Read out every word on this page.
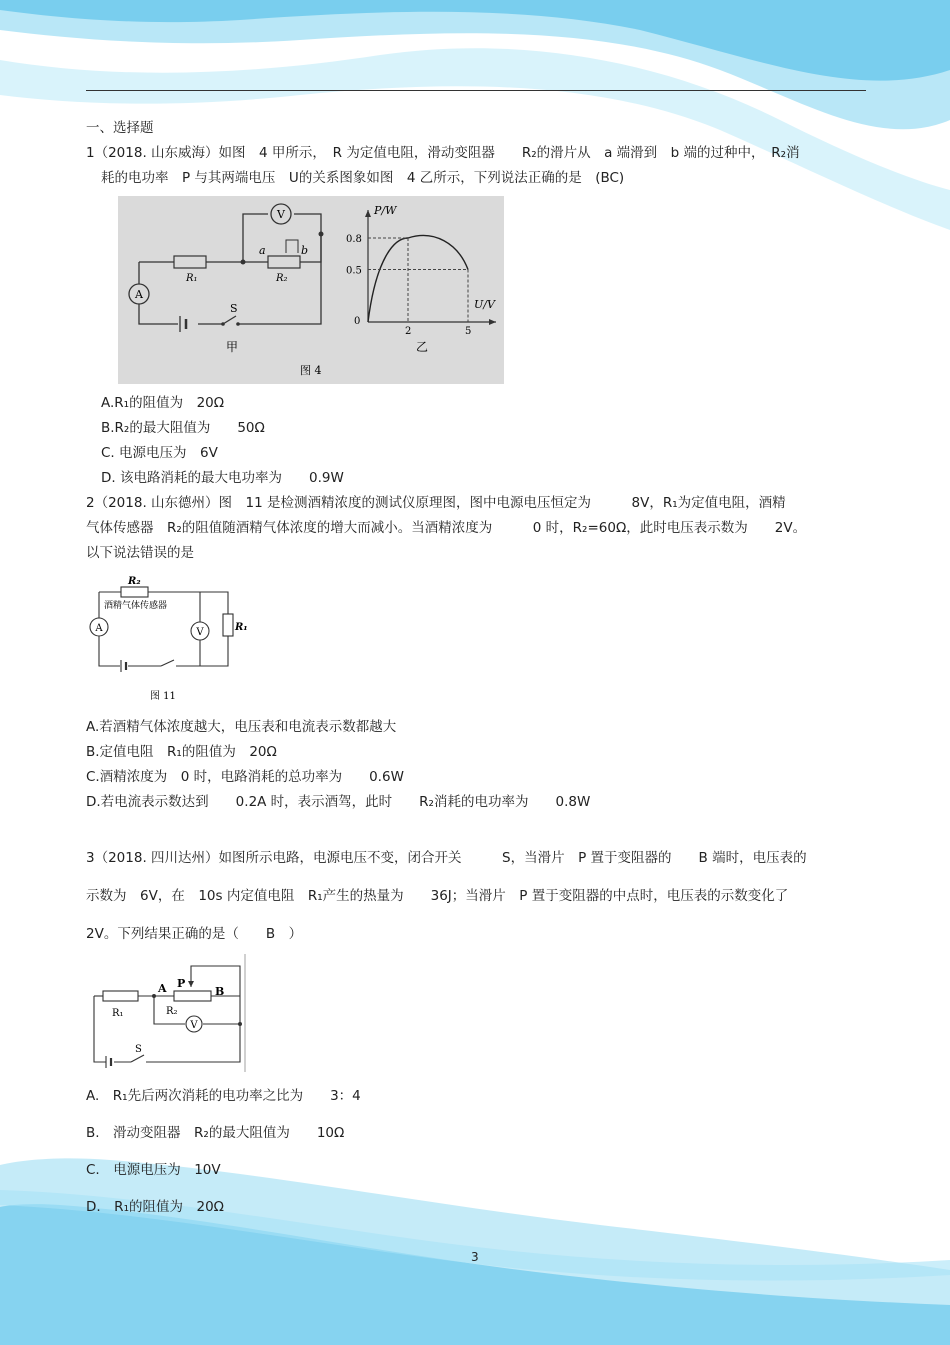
一、选择题
1（2018. 山东威海）如图　4 甲所示，　R 为定值电阻，滑动变阻器　　R₂的滑片从　a 端滑到　b 端的过种中，　R₂消
耗的电功率　P 与其两端电压　U的关系图象如图　4 乙所示，下列说法正确的是　(BC)
V
A
R₁	R₂
a	b
S
甲
图 4
P/W
U/V
0.8
0.5
0
2	5
乙
A.R₁的阻值为　20Ω
B.R₂的最大阻值为　　50Ω
C. 电源电压为　6V
D. 该电路消耗的最大电功率为　　0.9W
2（2018. 山东德州）图　11 是检测酒精浓度的测试仪原理图，图中电源电压恒定为　　　8V，R₁为定值电阻，酒精
气体传感器　R₂的阻值随酒精气体浓度的增大而减小。当酒精浓度为　　　0 时，R₂=60Ω，此时电压表示数为　　2V。
以下说法错误的是
R₂
酒精气体传感器
A	V	R₁
图 11
A.若酒精气体浓度越大，电压表和电流表示数都越大
B.定值电阻　R₁的阻值为　20Ω
C.酒精浓度为　0 时，电路消耗的总功率为　　0.6W
D.若电流表示数达到　　0.2A 时，表示酒驾，此时　　R₂消耗的电功率为　　0.8W
3（2018. 四川达州）如图所示电路，电源电压不变，闭合开关　　　S，当滑片　P 置于变阻器的　　B 端时，电压表的
示数为　6V，在　10s 内定值电阻　R₁产生的热量为　　36J；当滑片　P 置于变阻器的中点时，电压表的示数变化了
2V。下列结果正确的是（　　B　）
A P
B
R₁	R₂
V
S
A.　R₁先后两次消耗的电功率之比为　　3：4
B.　滑动变阻器　R₂的最大阻值为　　10Ω
C.　电源电压为　10V
D.　R₁的阻值为　20Ω
3
